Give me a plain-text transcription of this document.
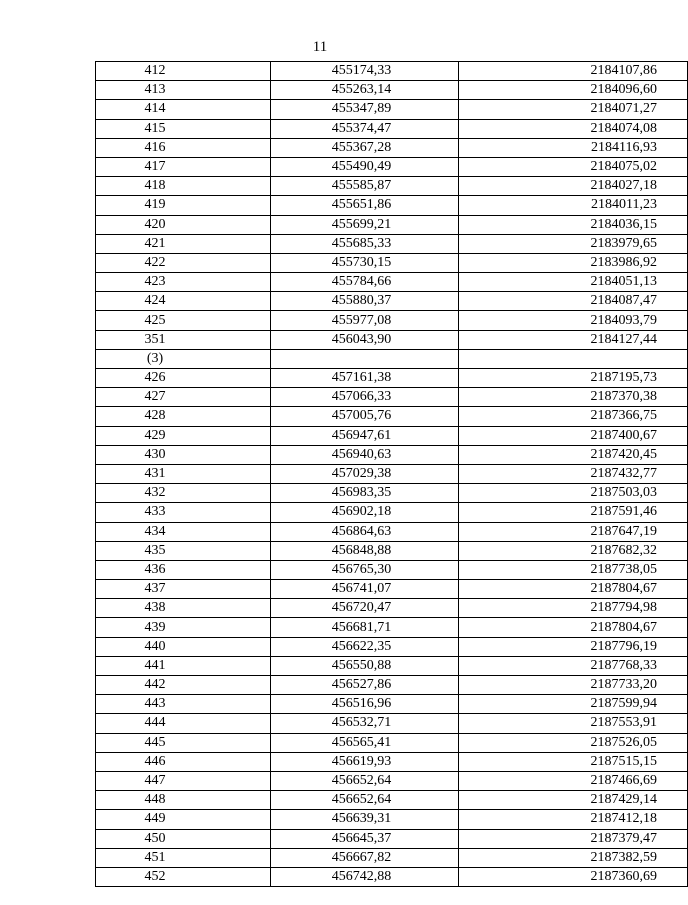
11
412	455174,33	2184107,86
413	455263,14	2184096,60
414	455347,89	2184071,27
415	455374,47	2184074,08
416	455367,28	2184116,93
417	455490,49	2184075,02
418	455585,87	2184027,18
419	455651,86	2184011,23
420	455699,21	2184036,15
421	455685,33	2183979,65
422	455730,15	2183986,92
423	455784,66	2184051,13
424	455880,37	2184087,47
425	455977,08	2184093,79
351	456043,90	2184127,44
(3)		
426	457161,38	2187195,73
427	457066,33	2187370,38
428	457005,76	2187366,75
429	456947,61	2187400,67
430	456940,63	2187420,45
431	457029,38	2187432,77
432	456983,35	2187503,03
433	456902,18	2187591,46
434	456864,63	2187647,19
435	456848,88	2187682,32
436	456765,30	2187738,05
437	456741,07	2187804,67
438	456720,47	2187794,98
439	456681,71	2187804,67
440	456622,35	2187796,19
441	456550,88	2187768,33
442	456527,86	2187733,20
443	456516,96	2187599,94
444	456532,71	2187553,91
445	456565,41	2187526,05
446	456619,93	2187515,15
447	456652,64	2187466,69
448	456652,64	2187429,14
449	456639,31	2187412,18
450	456645,37	2187379,47
451	456667,82	2187382,59
452	456742,88	2187360,69
